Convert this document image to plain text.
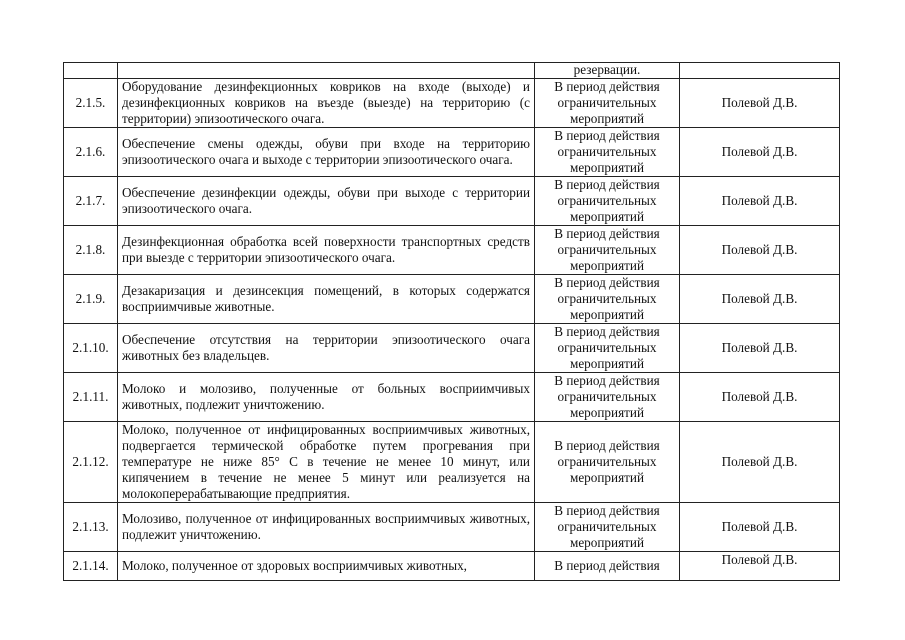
		резервации.	
2.1.5.	Оборудование дезинфекционных ковриков на входе (выходе) и дезинфекционных ковриков на въезде (выезде) на территорию (с территории) эпизоотического очага.	В период действия ограничительных мероприятий	Полевой Д.В.
2.1.6.	Обеспечение смены одежды, обуви при входе на территорию эпизоотического очага и выходе с территории эпизоотического очага.	В период действия ограничительных мероприятий	Полевой Д.В.
2.1.7.	Обеспечение дезинфекции одежды, обуви при выходе с территории эпизоотического очага.	В период действия ограничительных мероприятий	Полевой Д.В.
2.1.8.	Дезинфекционная обработка всей поверхности транспортных средств при выезде с территории эпизоотического очага.	В период действия ограничительных мероприятий	Полевой Д.В.
2.1.9.	Дезакаризация и дезинсекция помещений, в которых содержатся восприимчивые животные.	В период действия ограничительных мероприятий	Полевой Д.В.
2.1.10.	Обеспечение отсутствия на территории эпизоотического очага животных без владельцев.	В период действия ограничительных мероприятий	Полевой Д.В.
2.1.11.	Молоко и молозиво, полученные от больных восприимчивых животных, подлежит уничтожению.	В период действия ограничительных мероприятий	Полевой Д.В.
2.1.12.	Молоко, полученное от инфицированных восприимчивых животных, подвергается термической обработке путем прогревания при температуре не ниже 85° С в течение не менее 10 минут, или кипячением в течение не менее 5 минут или реализуется на молокоперерабатывающие предприятия.	В период действия ограничительных мероприятий	Полевой Д.В.
2.1.13.	Молозиво, полученное от инфицированных восприимчивых животных, подлежит уничтожению.	В период действия ограничительных мероприятий	Полевой Д.В.
2.1.14.	Молоко, полученное от здоровых восприимчивых животных,	В период действия	Полевой Д.В.
